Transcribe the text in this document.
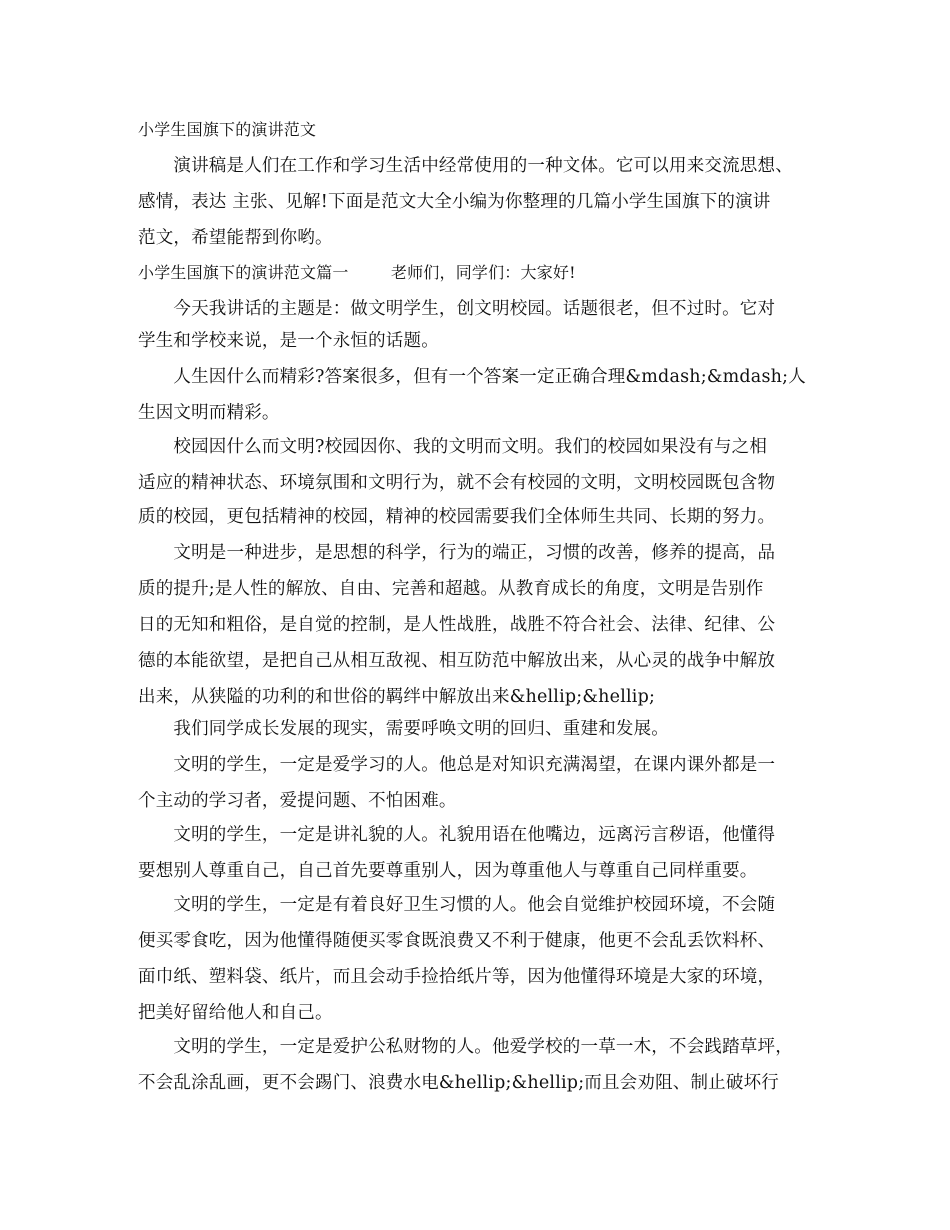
小学生国旗下的演讲范文
　　演讲稿是人们在工作和学习生活中经常使用的一种文体。它可以用来交流思想、
感情，表达 主张、见解!下面是范文大全小编为你整理的几篇小学生国旗下的演讲
范文，希望能帮到你哟。
小学生国旗下的演讲范文篇一        老师们，同学们：大家好!
　　今天我讲话的主题是：做文明学生，创文明校园。话题很老，但不过时。它对
学生和学校来说，是一个永恒的话题。
　　人生因什么而精彩?答案很多，但有一个答案一定正确合理&mdash;&mdash;人
生因文明而精彩。
　　校园因什么而文明?校园因你、我的文明而文明。我们的校园如果没有与之相
适应的精神状态、环境氛围和文明行为，就不会有校园的文明，文明校园既包含物
质的校园，更包括精神的校园，精神的校园需要我们全体师生共同、长期的努力。
　　文明是一种进步，是思想的科学，行为的端正，习惯的改善，修养的提高，品
质的提升;是人性的解放、自由、完善和超越。从教育成长的角度，文明是告别作
日的无知和粗俗，是自觉的控制，是人性战胜，战胜不符合社会、法律、纪律、公
德的本能欲望，是把自己从相互敌视、相互防范中解放出来，从心灵的战争中解放
出来，从狭隘的功利的和世俗的羁绊中解放出来&hellip;&hellip;
　　我们同学成长发展的现实，需要呼唤文明的回归、重建和发展。
　　文明的学生，一定是爱学习的人。他总是对知识充满渴望，在课内课外都是一
个主动的学习者，爱提问题、不怕困难。
　　文明的学生，一定是讲礼貌的人。礼貌用语在他嘴边，远离污言秽语，他懂得
要想别人尊重自己，自己首先要尊重别人，因为尊重他人与尊重自己同样重要。
　　文明的学生，一定是有着良好卫生习惯的人。他会自觉维护校园环境，不会随
便买零食吃，因为他懂得随便买零食既浪费又不利于健康，他更不会乱丢饮料杯、
面巾纸、塑料袋、纸片，而且会动手捡拾纸片等，因为他懂得环境是大家的环境，
把美好留给他人和自己。
　　文明的学生，一定是爱护公私财物的人。他爱学校的一草一木，不会践踏草坪，
不会乱涂乱画，更不会踢门、浪费水电&hellip;&hellip;而且会劝阻、制止破坏行
